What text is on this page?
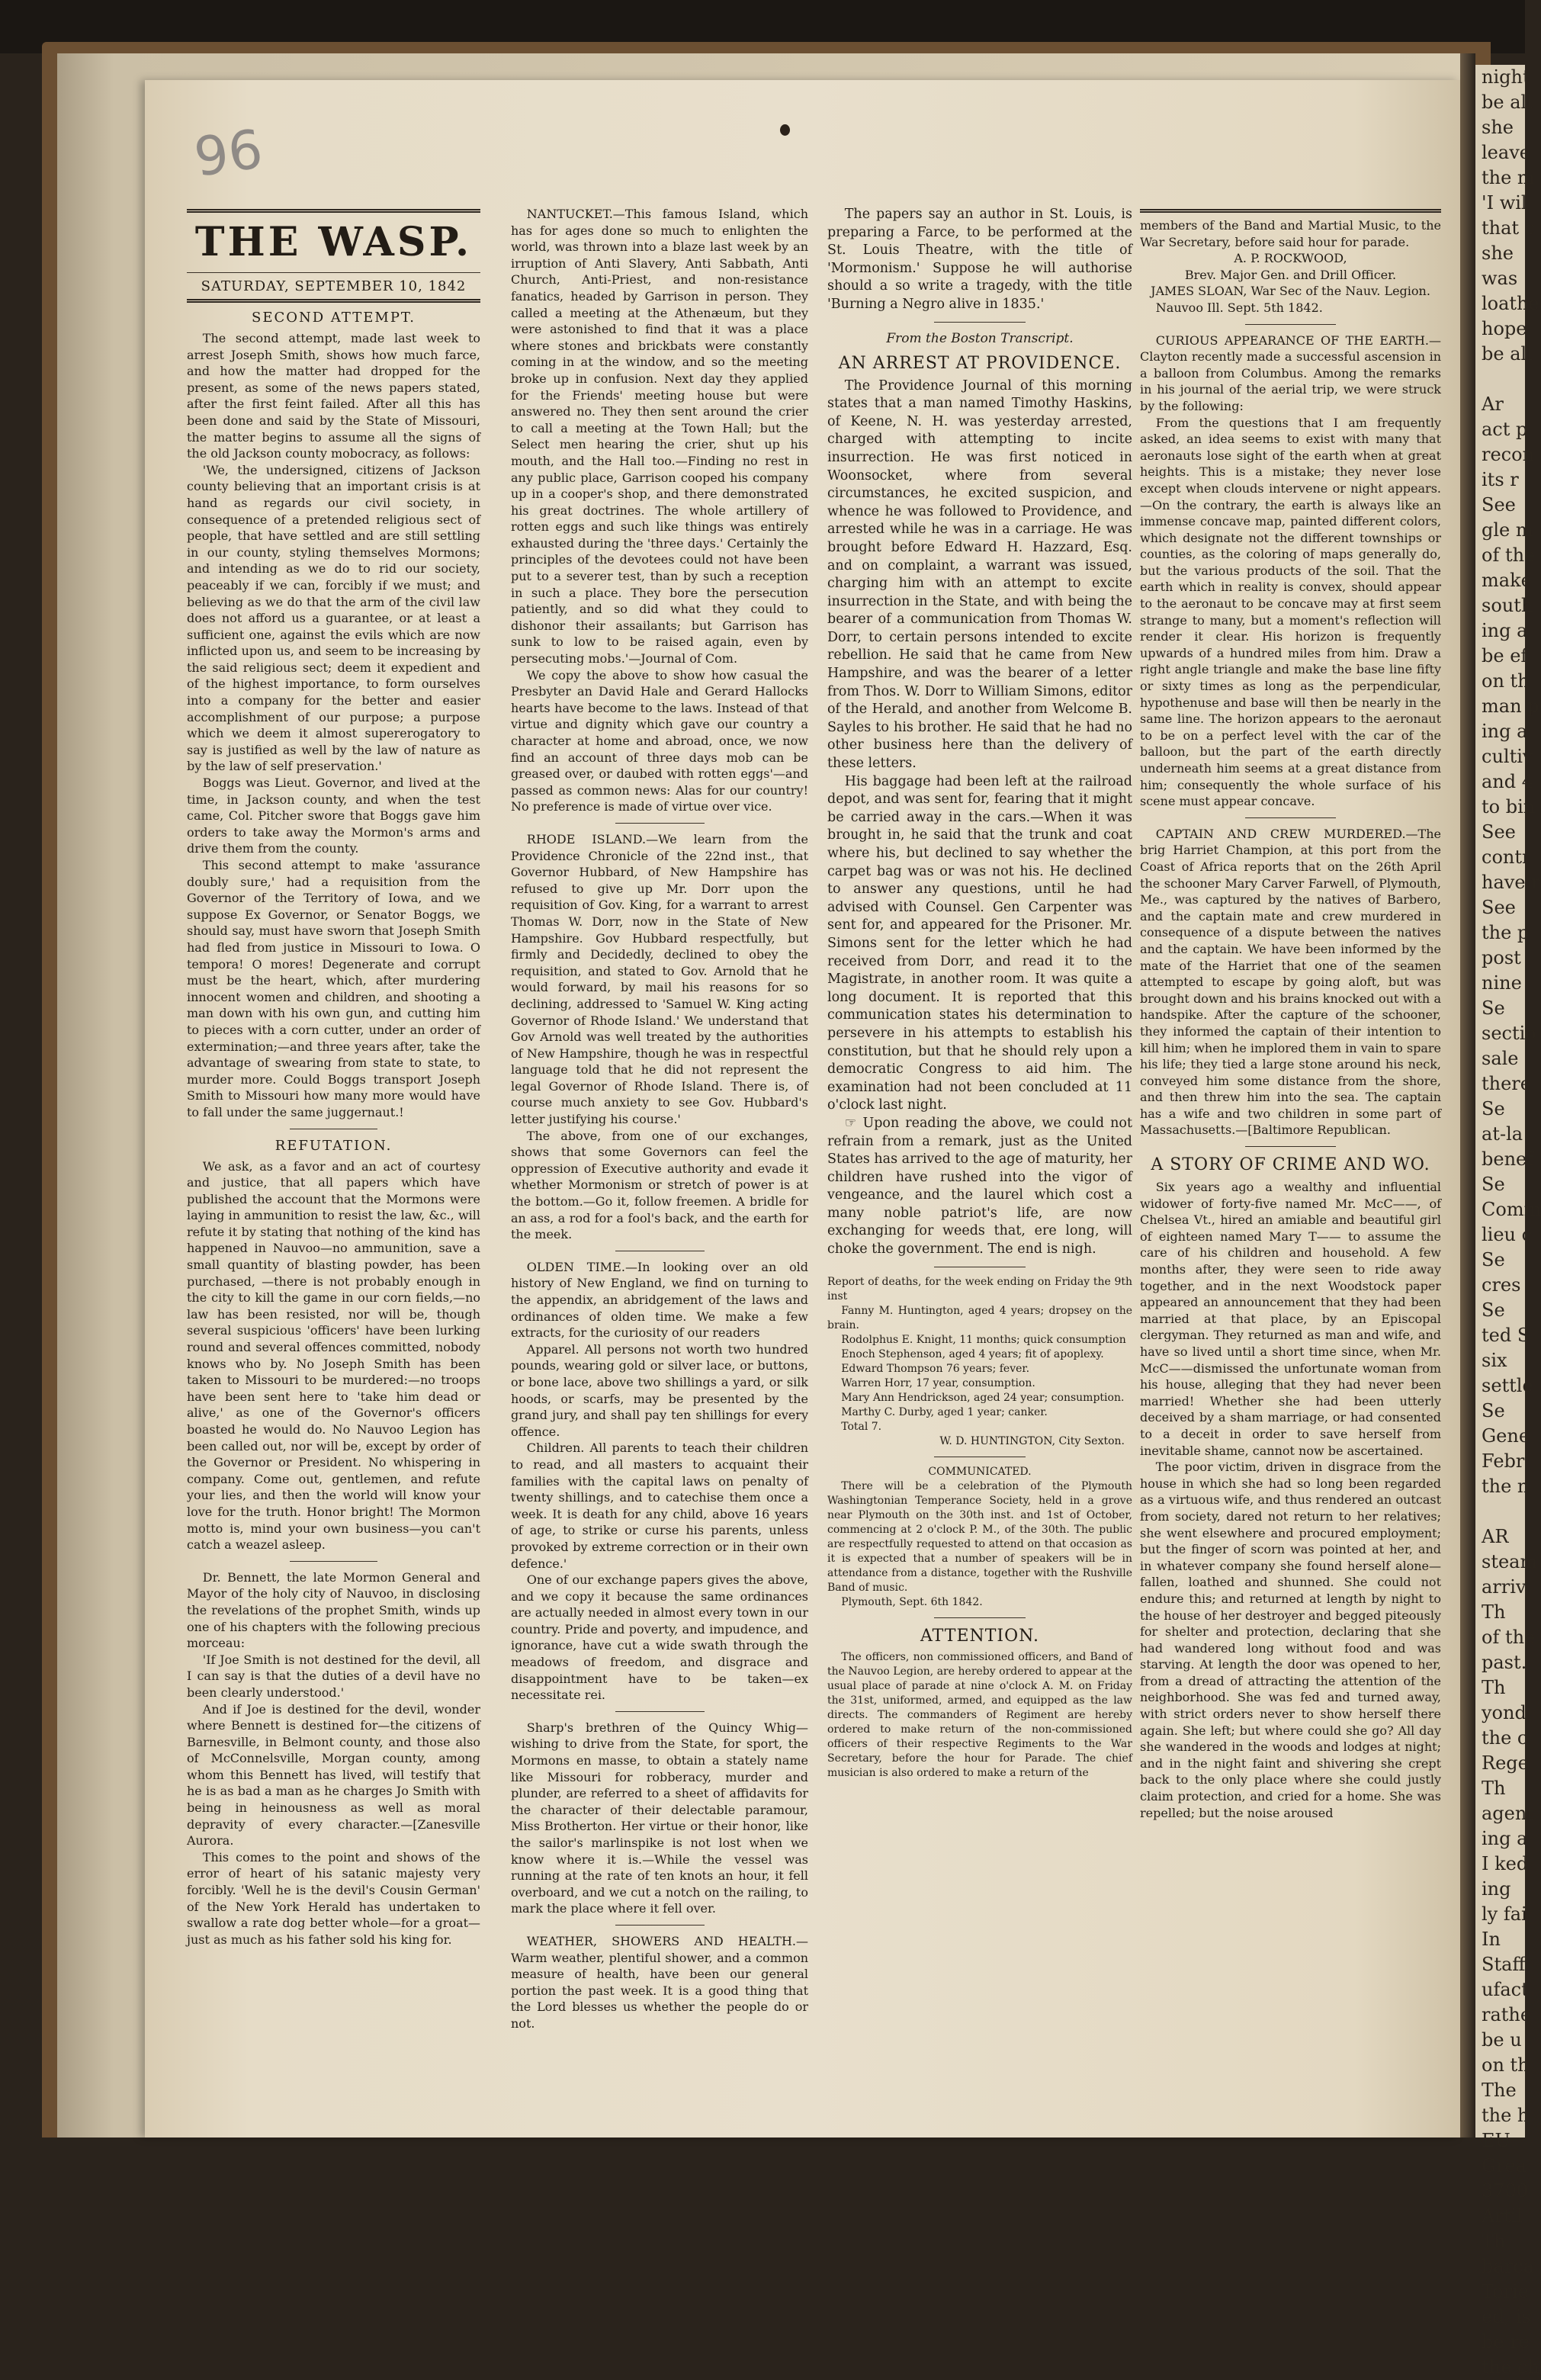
night
be all
she
leave
the m
'I wil
that c
she
was
loathe
hope
be all

Ar
act p
recon
its r
See
gle m
of the
make
south
ing a
be ef
on th
man p
ing a
cultiv
and 4
to bin
See
contr
have r
See
the p
post
nine
Se
sectio
sale
there
Se
at-la
benef
Se
Comm
lieu c
Se
cres
Se
ted S
six
settle
Se
Gene
Febr
the n

AR
steam
arriv
Th
of the
past.
Th
yond
the c
Rege
Th
agent
ing a
I ked
ing
ly fai
In
Staff
ufact
rathe
be u
on th
The
the h
EU
Grea
3700
Artil
Th
barca
Torie
ed, is
be re
the ch
96
THE WASP.
SATURDAY, SEPTEMBER 10, 1842
SECOND ATTEMPT.

The second attempt, made last week to arrest Joseph Smith, shows how much farce, and how the matter had dropped for the present, as some of the news papers stated, after the first feint failed. After all this has been done and said by the State of Missouri, the matter begins to assume all the signs of the old Jackson county mobocracy, as follows:

'We, the undersigned, citizens of Jackson county believing that an important crisis is at hand as regards our civil society, in consequence of a pretended religious sect of people, that have settled and are still settling in our county, styling themselves Mormons; and intending as we do to rid our society, peaceably if we can, forcibly if we must; and believing as we do that the arm of the civil law does not afford us a guarantee, or at least a sufficient one, against the evils which are now inflicted upon us, and seem to be increasing by the said religious sect; deem it expedient and of the highest importance, to form ourselves into a company for the better and easier accomplishment of our purpose; a purpose which we deem it almost supererogatory to say is justified as well by the law of nature as by the law of self preservation.'

Boggs was Lieut. Governor, and lived at the time, in Jackson county, and when the test came, Col. Pitcher swore that Boggs gave him orders to take away the Mormon's arms and drive them from the county.

This second attempt to make 'assurance doubly sure,' had a requisition from the Governor of the Territory of Iowa, and we suppose Ex Governor, or Senator Boggs, we should say, must have sworn that Joseph Smith had fled from justice in Missouri to Iowa. O tempora! O mores! Degenerate and corrupt must be the heart, which, after murdering innocent women and children, and shooting a man down with his own gun, and cutting him to pieces with a corn cutter, under an order of extermination;—and three years after, take the advantage of swearing from state to state, to murder more. Could Boggs transport Joseph Smith to Missouri how many more would have to fall under the same juggernaut.!

REFUTATION.

We ask, as a favor and an act of courtesy and justice, that all papers which have published the account that the Mormons were laying in ammunition to resist the law, &c., will refute it by stating that nothing of the kind has happened in Nauvoo—no ammunition, save a small quantity of blasting powder, has been purchased, —there is not probably enough in the city to kill the game in our corn fields,—no law has been resisted, nor will be, though several suspicious 'officers' have been lurking round and several offences committed, nobody knows who by. No Joseph Smith has been taken to Missouri to be murdered:—no troops have been sent here to 'take him dead or alive,' as one of the Governor's officers boasted he would do. No Nauvoo Legion has been called out, nor will be, except by order of the Governor or President. No whispering in company. Come out, gentlemen, and refute your lies, and then the world will know your love for the truth. Honor bright! The Mormon motto is, mind your own business—you can't catch a weazel asleep.

Dr. Bennett, the late Mormon General and Mayor of the holy city of Nauvoo, in disclosing the revelations of the prophet Smith, winds up one of his chapters with the following precious morceau:

'If Joe Smith is not destined for the devil, all I can say is that the duties of a devil have no been clearly understood.'

And if Joe is destined for the devil, wonder where Bennett is destined for—the citizens of Barnesville, in Belmont county, and those also of McConnelsville, Morgan county, among whom this Bennett has lived, will testify that he is as bad a man as he charges Jo Smith with being in heinousness as well as moral depravity of every character.—[Zanesville Aurora.

This comes to the point and shows of the error of heart of his satanic majesty very forcibly. 'Well he is the devil's Cousin German' of the New York Herald has undertaken to swallow a rate dog better whole—for a groat—just as much as his father sold his king for.

NANTUCKET.—This famous Island, which has for ages done so much to enlighten the world, was thrown into a blaze last week by an irruption of Anti Slavery, Anti Sabbath, Anti Church, Anti-Priest, and non-resistance fanatics, headed by Garrison in person. They called a meeting at the Athenæum, but they were astonished to find that it was a place where stones and brickbats were constantly coming in at the window, and so the meeting broke up in confusion. Next day they applied for the Friends' meeting house but were answered no. They then sent around the crier to call a meeting at the Town Hall; but the Select men hearing the crier, shut up his mouth, and the Hall too.—Finding no rest in any public place, Garrison cooped his company up in a cooper's shop, and there demonstrated his great doctrines. The whole artillery of rotten eggs and such like things was entirely exhausted during the 'three days.' Certainly the principles of the devotees could not have been put to a severer test, than by such a reception in such a place. They bore the persecution patiently, and so did what they could to dishonor their assailants; but Garrison has sunk to low to be raised again, even by persecuting mobs.'—Journal of Com.

We copy the above to show how casual the Presbyter an David Hale and Gerard Hallocks hearts have become to the laws. Instead of that virtue and dignity which gave our country a character at home and abroad, once, we now find an account of three days mob can be greased over, or daubed with rotten eggs'—and passed as common news: Alas for our country! No preference is made of virtue over vice.

RHODE ISLAND.—We learn from the Providence Chronicle of the 22nd inst., that Governor Hubbard, of New Hampshire has refused to give up Mr. Dorr upon the requisition of Gov. King, for a warrant to arrest Thomas W. Dorr, now in the State of New Hampshire. Gov Hubbard respectfully, but firmly and Decidedly, declined to obey the requisition, and stated to Gov. Arnold that he would forward, by mail his reasons for so declining, addressed to 'Samuel W. King acting Governor of Rhode Island.' We understand that Gov Arnold was well treated by the authorities of New Hampshire, though he was in respectful language told that he did not represent the legal Governor of Rhode Island. There is, of course much anxiety to see Gov. Hubbard's letter justifying his course.'

The above, from one of our exchanges, shows that some Governors can feel the oppression of Executive authority and evade it whether Mormonism or stretch of power is at the bottom.—Go it, follow freemen. A bridle for an ass, a rod for a fool's back, and the earth for the meek.

OLDEN TIME.—In looking over an old history of New England, we find on turning to the appendix, an abridgement of the laws and ordinances of olden time. We make a few extracts, for the curiosity of our readers

Apparel. All persons not worth two hundred pounds, wearing gold or silver lace, or buttons, or bone lace, above two shillings a yard, or silk hoods, or scarfs, may be presented by the grand jury, and shall pay ten shillings for every offence.

Children. All parents to teach their children to read, and all masters to acquaint their families with the capital laws on penalty of twenty shillings, and to catechise them once a week. It is death for any child, above 16 years of age, to strike or curse his parents, unless provoked by extreme correction or in their own defence.'

One of our exchange papers gives the above, and we copy it because the same ordinances are actually needed in almost every town in our country. Pride and poverty, and impudence, and ignorance, have cut a wide swath through the meadows of freedom, and disgrace and disappointment have to be taken—ex necessitate rei.

Sharp's brethren of the Quincy Whig—wishing to drive from the State, for sport, the Mormons en masse, to obtain a stately name like Missouri for robberacy, murder and plunder, are referred to a sheet of affidavits for the character of their delectable paramour, Miss Brotherton. Her virtue or their honor, like the sailor's marlinspike is not lost when we know where it is.—While the vessel was running at the rate of ten knots an hour, it fell overboard, and we cut a notch on the railing, to mark the place where it fell over.

WEATHER, SHOWERS AND HEALTH.—Warm weather, plentiful shower, and a common measure of health, have been our general portion the past week. It is a good thing that the Lord blesses us whether the people do or not.

The papers say an author in St. Louis, is preparing a Farce, to be performed at the St. Louis Theatre, with the title of 'Mormonism.' Suppose he will authorise should a so write a tragedy, with the title 'Burning a Negro alive in 1835.'

From the Boston Transcript.
AN ARREST AT PROVIDENCE.

The Providence Journal of this morning states that a man named Timothy Haskins, of Keene, N. H. was yesterday arrested, charged with attempting to incite insurrection. He was first noticed in Woonsocket, where from several circumstances, he excited suspicion, and whence he was followed to Providence, and arrested while he was in a carriage. He was brought before Edward H. Hazzard, Esq. and on complaint, a warrant was issued, charging him with an attempt to excite insurrection in the State, and with being the bearer of a communication from Thomas W. Dorr, to certain persons intended to excite rebellion. He said that he came from New Hampshire, and was the bearer of a letter from Thos. W. Dorr to William Simons, editor of the Herald, and another from Welcome B. Sayles to his brother. He said that he had no other business here than the delivery of these letters.

His baggage had been left at the railroad depot, and was sent for, fearing that it might be carried away in the cars.—When it was brought in, he said that the trunk and coat where his, but declined to say whether the carpet bag was or was not his. He declined to answer any questions, until he had advised with Counsel. Gen Carpenter was sent for, and appeared for the Prisoner. Mr. Simons sent for the letter which he had received from Dorr, and read it to the Magistrate, in another room. It was quite a long document. It is reported that this communication states his determination to persevere in his attempts to establish his constitution, but that he should rely upon a democratic Congress to aid him. The examination had not been concluded at 11 o'clock last night.

☞ Upon reading the above, we could not refrain from a remark, just as the United States has arrived to the age of maturity, her children have rushed into the vigor of vengeance, and the laurel which cost a many noble patriot's life, are now exchanging for weeds that, ere long, will choke the government. The end is nigh.

Report of deaths, for the week ending on Friday the 9th inst

Fanny M. Huntington, aged 4 years; dropsey on the brain.

Rodolphus E. Knight, 11 months; quick consumption

Enoch Stephenson, aged 4 years; fit of apoplexy.

Edward Thompson 76 years; fever.

Warren Horr, 17 year, consumption.

Mary Ann Hendrickson, aged 24 year; consumption.

Marthy C. Durby, aged 1 year; canker.

Total 7.

W. D. HUNTINGTON, City Sexton.

COMMUNICATED.

There will be a celebration of the Plymouth Washingtonian Temperance Society, held in a grove near Plymouth on the 30th inst. and 1st of October, commencing at 2 o'clock P. M., of the 30th. The public are respectfully requested to attend on that occasion as it is expected that a number of speakers will be in attendance from a distance, together with the Rushville Band of music.

Plymouth, Sept. 6th 1842.

ATTENTION.

The officers, non commissioned officers, and Band of the Nauvoo Legion, are hereby ordered to appear at the usual place of parade at nine o'clock A. M. on Friday the 31st, uniformed, armed, and equipped as the law directs. The commanders of Regiment are hereby ordered to make return of the non-commissioned officers of their respective Regiments to the War Secretary, before the hour for Parade. The chief musician is also ordered to make a return of the

members of the Band and Martial Music, to the War Secretary, before said hour for parade.

A. P. ROCKWOOD,

Brev. Major Gen. and Drill Officer.

JAMES SLOAN, War Sec of the Nauv. Legion.

Nauvoo Ill. Sept. 5th 1842.

CURIOUS APPEARANCE OF THE EARTH.—Clayton recently made a successful ascension in a balloon from Columbus. Among the remarks in his journal of the aerial trip, we were struck by the following:

From the questions that I am frequently asked, an idea seems to exist with many that aeronauts lose sight of the earth when at great heights. This is a mistake; they never lose except when clouds intervene or night appears.—On the contrary, the earth is always like an immense concave map, painted different colors, which designate not the different townships or counties, as the coloring of maps generally do, but the various products of the soil. That the earth which in reality is convex, should appear to the aeronaut to be concave may at first seem strange to many, but a moment's reflection will render it clear. His horizon is frequently upwards of a hundred miles from him. Draw a right angle triangle and make the base line fifty or sixty times as long as the perpendicular, hypothenuse and base will then be nearly in the same line. The horizon appears to the aeronaut to be on a perfect level with the car of the balloon, but the part of the earth directly underneath him seems at a great distance from him; consequently the whole surface of his scene must appear concave.

CAPTAIN AND CREW MURDERED.—The brig Harriet Champion, at this port from the Coast of Africa reports that on the 26th April the schooner Mary Carver Farwell, of Plymouth, Me., was captured by the natives of Barbero, and the captain mate and crew murdered in consequence of a dispute between the natives and the captain. We have been informed by the mate of the Harriet that one of the seamen attempted to escape by going aloft, but was brought down and his brains knocked out with a handspike. After the capture of the schooner, they informed the captain of their intention to kill him; when he implored them in vain to spare his life; they tied a large stone around his neck, conveyed him some distance from the shore, and then threw him into the sea. The captain has a wife and two children in some part of Massachusetts.—[Baltimore Republican.

A STORY OF CRIME AND WO.

Six years ago a wealthy and influential widower of forty-five named Mr. McC——, of Chelsea Vt., hired an amiable and beautiful girl of eighteen named Mary T—— to assume the care of his children and household. A few months after, they were seen to ride away together, and in the next Woodstock paper appeared an announcement that they had been married at that place, by an Episcopal clergyman. They returned as man and wife, and have so lived until a short time since, when Mr. McC——dismissed the unfortunate woman from his house, alleging that they had never been married! Whether she had been utterly deceived by a sham marriage, or had consented to a deceit in order to save herself from inevitable shame, cannot now be ascertained.

The poor victim, driven in disgrace from the house in which she had so long been regarded as a virtuous wife, and thus rendered an outcast from society, dared not return to her relatives; she went elsewhere and procured employment; but the finger of scorn was pointed at her, and in whatever company she found herself alone—fallen, loathed and shunned. She could not endure this; and returned at length by night to the house of her destroyer and begged piteously for shelter and protection, declaring that she had wandered long without food and was starving. At length the door was opened to her, from a dread of attracting the attention of the neighborhood. She was fed and turned away, with strict orders never to show herself there again. She left; but where could she go? All day she wandered in the woods and lodges at night; and in the night faint and shivering she crept back to the only place where she could justly claim protection, and cried for a home. She was repelled; but the noise aroused
